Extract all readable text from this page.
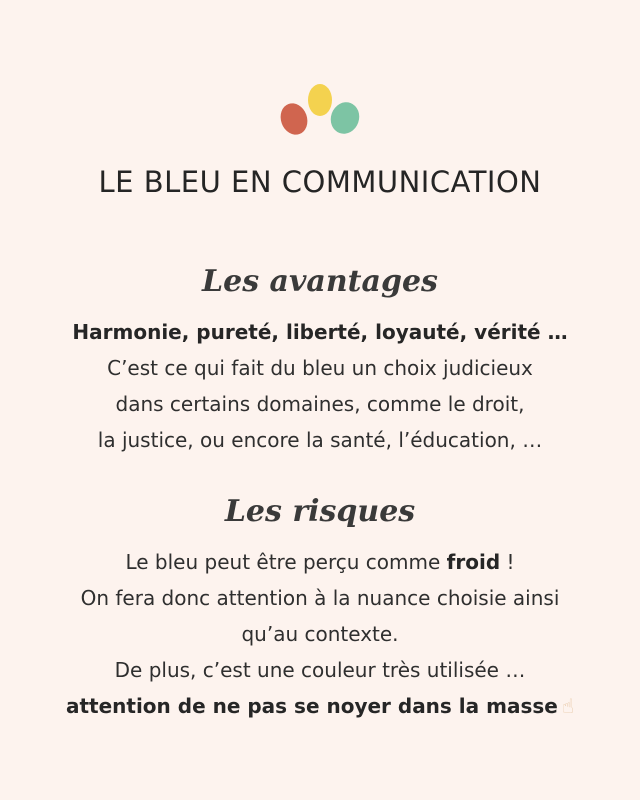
LE BLEU EN COMMUNICATION
Les avantages
Harmonie, pureté, liberté, loyauté, vérité …
C’est ce qui fait du bleu un choix judicieux
dans certains domaines, comme le droit,
la justice, ou encore la santé, l’éducation, …
Les risques
Le bleu peut être perçu comme froid !
On fera donc attention à la nuance choisie ainsi
qu’au contexte.
De plus, c’est une couleur très utilisée …
attention de ne pas se noyer dans la masse ☝
